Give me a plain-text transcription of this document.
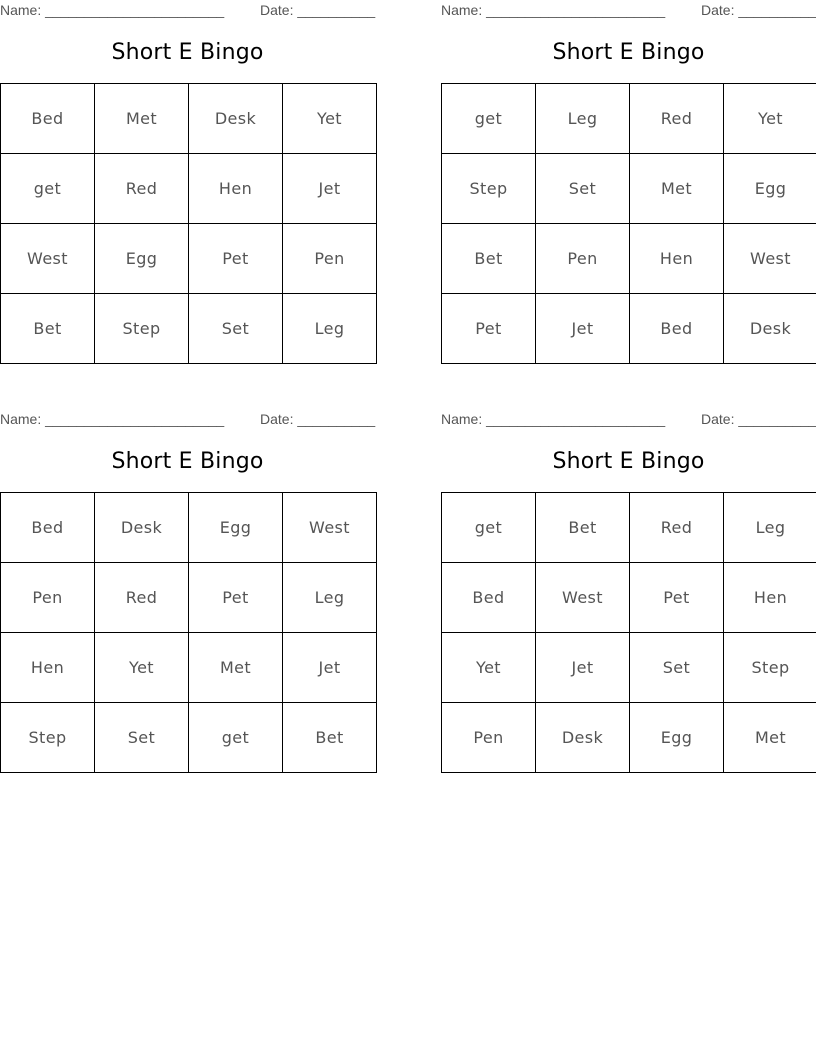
Name: _______________________	Date: __________
Short E Bingo
Bed	Met	Desk	Yet
get	Red	Hen	Jet
West	Egg	Pet	Pen
Bet	Step	Set	Leg
Name: _______________________	Date: __________
Short E Bingo
get	Leg	Red	Yet
Step	Set	Met	Egg
Bet	Pen	Hen	West
Pet	Jet	Bed	Desk
Name: _______________________	Date: __________
Short E Bingo
Bed	Desk	Egg	West
Pen	Red	Pet	Leg
Hen	Yet	Met	Jet
Step	Set	get	Bet
Name: _______________________	Date: __________
Short E Bingo
get	Bet	Red	Leg
Bed	West	Pet	Hen
Yet	Jet	Set	Step
Pen	Desk	Egg	Met
